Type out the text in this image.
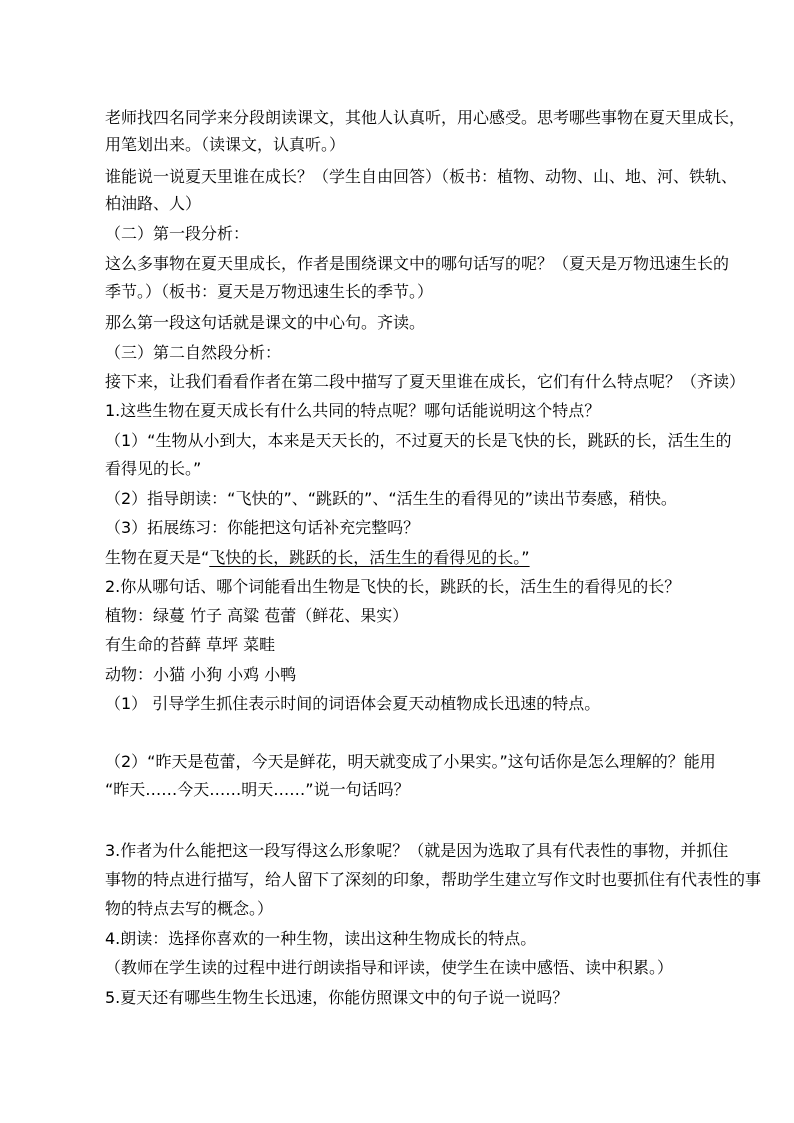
老师找四名同学来分段朗读课文，其他人认真听，用心感受。思考哪些事物在夏天里成长，
用笔划出来。（读课文，认真听。）
谁能说一说夏天里谁在成长？（学生自由回答）（板书：植物、动物、山、地、河、铁轨、
柏油路、人）
（二）第一段分析：
这么多事物在夏天里成长，作者是围绕课文中的哪句话写的呢？（夏天是万物迅速生长的
季节。）（板书：夏天是万物迅速生长的季节。）
那么第一段这句话就是课文的中心句。齐读。
（三）第二自然段分析：
接下来，让我们看看作者在第二段中描写了夏天里谁在成长，它们有什么特点呢？（齐读）
1.这些生物在夏天成长有什么共同的特点呢？哪句话能说明这个特点？
（1）“生物从小到大，本来是天天长的，不过夏天的长是飞快的长，跳跃的长，活生生的
看得见的长。”
（2）指导朗读：“飞快的”、“跳跃的”、“活生生的看得见的”读出节奏感，稍快。
（3）拓展练习：你能把这句话补充完整吗？
生物在夏天是“飞快的长，跳跃的长，活生生的看得见的长。”
2.你从哪句话、哪个词能看出生物是飞快的长，跳跃的长，活生生的看得见的长？
植物：绿蔓 竹子 高粱 苞蕾（鲜花、果实）
有生命的苔藓 草坪 菜畦
动物：小猫 小狗 小鸡 小鸭
（1） 引导学生抓住表示时间的词语体会夏天动植物成长迅速的特点。
（2）“昨天是苞蕾，今天是鲜花，明天就变成了小果实。”这句话你是怎么理解的？能用
“昨天……今天……明天……”说一句话吗？
3.作者为什么能把这一段写得这么形象呢？（就是因为选取了具有代表性的事物，并抓住
事物的特点进行描写，给人留下了深刻的印象，帮助学生建立写作文时也要抓住有代表性的事
物的特点去写的概念。）
4.朗读：选择你喜欢的一种生物，读出这种生物成长的特点。
（教师在学生读的过程中进行朗读指导和评读，使学生在读中感悟、读中积累。）
5.夏天还有哪些生物生长迅速，你能仿照课文中的句子说一说吗？
